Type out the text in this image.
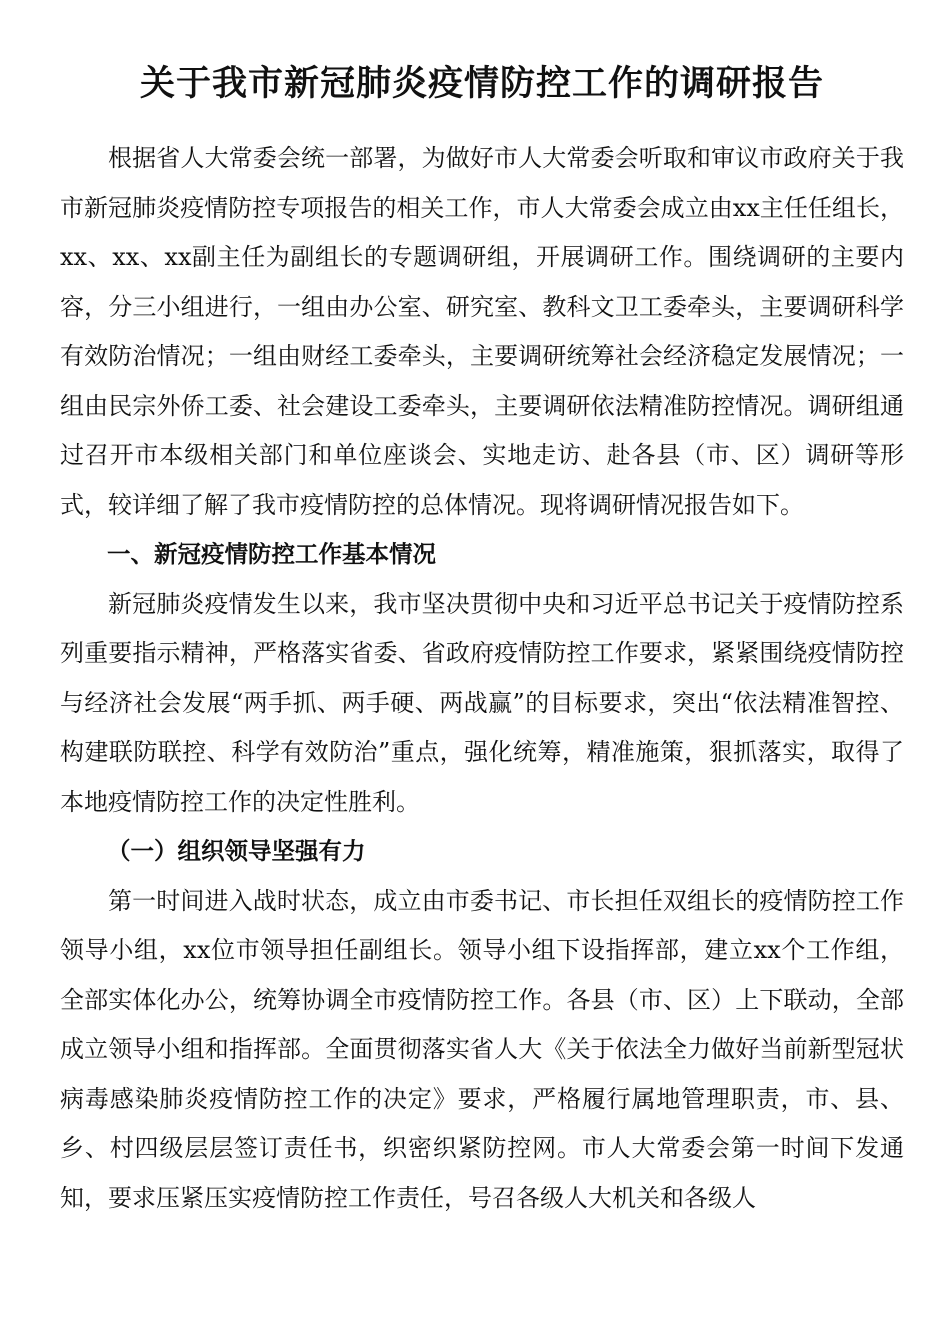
关于我市新冠肺炎疫情防控工作的调研报告

根据省人大常委会统一部署，为做好市人大常委会听取和审议市政府关于我市新冠肺炎疫情防控专项报告的相关工作，市人大常委会成立由xx主任任组长，xx、xx、xx副主任为副组长的专题调研组，开展调研工作。围绕调研的主要内容，分三小组进行，一组由办公室、研究室、教科文卫工委牵头，主要调研科学有效防治情况；一组由财经工委牵头，主要调研统筹社会经济稳定发展情况；一组由民宗外侨工委、社会建设工委牵头，主要调研依法精准防控情况。调研组通过召开市本级相关部门和单位座谈会、实地走访、赴各县（市、区）调研等形式，较详细了解了我市疫情防控的总体情况。现将调研情况报告如下。

一、新冠疫情防控工作基本情况

新冠肺炎疫情发生以来，我市坚决贯彻中央和习近平总书记关于疫情防控系列重要指示精神，严格落实省委、省政府疫情防控工作要求，紧紧围绕疫情防控与经济社会发展“两手抓、两手硬、两战赢”的目标要求，突出“依法精准智控、构建联防联控、科学有效防治”重点，强化统筹，精准施策，狠抓落实，取得了本地疫情防控工作的决定性胜利。

（一）组织领导坚强有力

第一时间进入战时状态，成立由市委书记、市长担任双组长的疫情防控工作领导小组，xx位市领导担任副组长。领导小组下设指挥部，建立xx个工作组，全部实体化办公，统筹协调全市疫情防控工作。各县（市、区）上下联动，全部成立领导小组和指挥部。全面贯彻落实省人大《关于依法全力做好当前新型冠状病毒感染肺炎疫情防控工作的决定》要求，严格履行属地管理职责，市、县、乡、村四级层层签订责任书，织密织紧防控网。市人大常委会第一时间下发通知，要求压紧压实疫情防控工作责任，号召各级人大机关和各级人
